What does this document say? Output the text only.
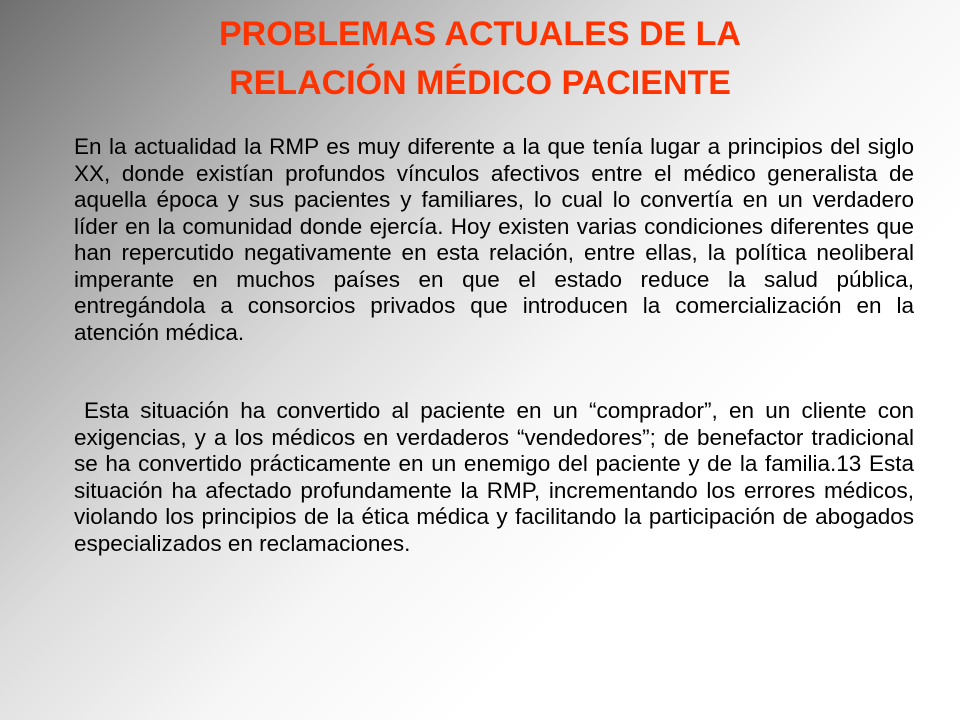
PROBLEMAS ACTUALES DE LA
RELACIÓN MÉDICO PACIENTE

En la actualidad la RMP es muy diferente a la que tenía lugar a principios del siglo XX, donde existían profundos vínculos afectivos entre el médico generalista de aquella época y sus pacientes y familiares, lo cual lo convertía en un verdadero líder en la comunidad donde ejercía. Hoy existen varias condiciones diferentes que han repercutido negativamente en esta relación, entre ellas, la política neoliberal imperante en muchos países en que el estado reduce la salud pública, entregándola a consorcios privados que introducen la comercialización en la atención médica.

Esta situación ha convertido al paciente en un “comprador”, en un cliente con exigencias, y a los médicos en verdaderos “vendedores”; de benefactor tradicional se ha convertido prácticamente en un enemigo del paciente y de la familia.13 Esta situación ha afectado profundamente la RMP, incrementando los errores médicos, violando los principios de la ética médica y facilitando la participación de abogados especializados en reclamaciones.
